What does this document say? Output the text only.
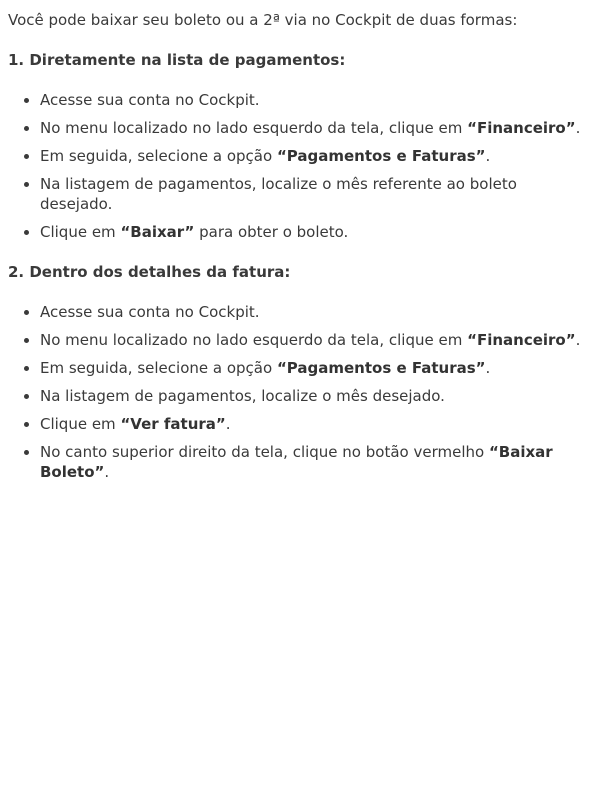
Você pode baixar seu boleto ou a 2ª via no Cockpit de duas formas:

1. Diretamente na lista de pagamentos:

• Acesse sua conta no Cockpit.
• No menu localizado no lado esquerdo da tela, clique em “Financeiro”.
• Em seguida, selecione a opção “Pagamentos e Faturas”.
• Na listagem de pagamentos, localize o mês referente ao boleto desejado.
• Clique em “Baixar” para obter o boleto.

2. Dentro dos detalhes da fatura:

• Acesse sua conta no Cockpit.
• No menu localizado no lado esquerdo da tela, clique em “Financeiro”.
• Em seguida, selecione a opção “Pagamentos e Faturas”.
• Na listagem de pagamentos, localize o mês desejado.
• Clique em “Ver fatura”.
• No canto superior direito da tela, clique no botão vermelho “Baixar Boleto”.
